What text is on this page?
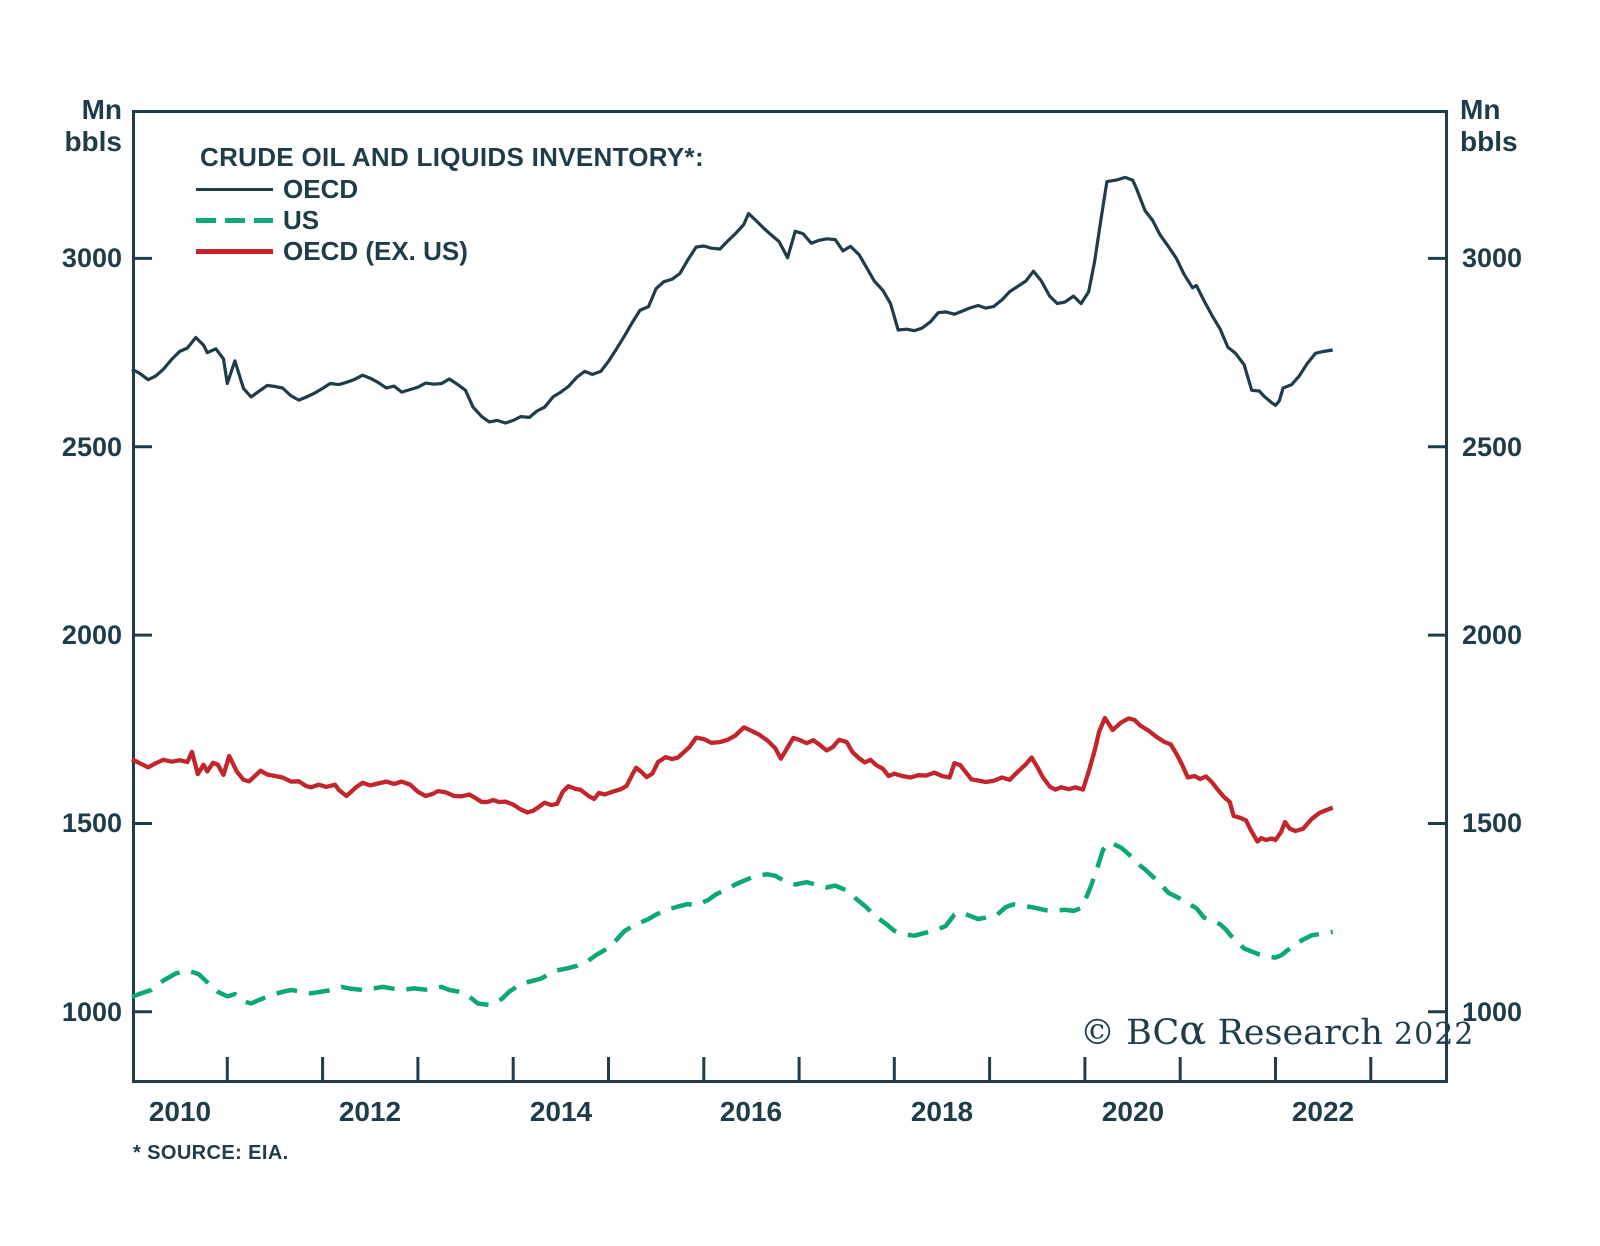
Mn
bbls
Mn
bbls
CRUDE OIL AND LIQUIDS INVENTORY*:
OECD
US
OECD (EX. US)
© BCα Research 2022
* SOURCE: EIA.
3000	3000
2500	2500
2000	2000
1500	1500
1000	1000
2010	2012	2014	2016	2018	2020	2022
